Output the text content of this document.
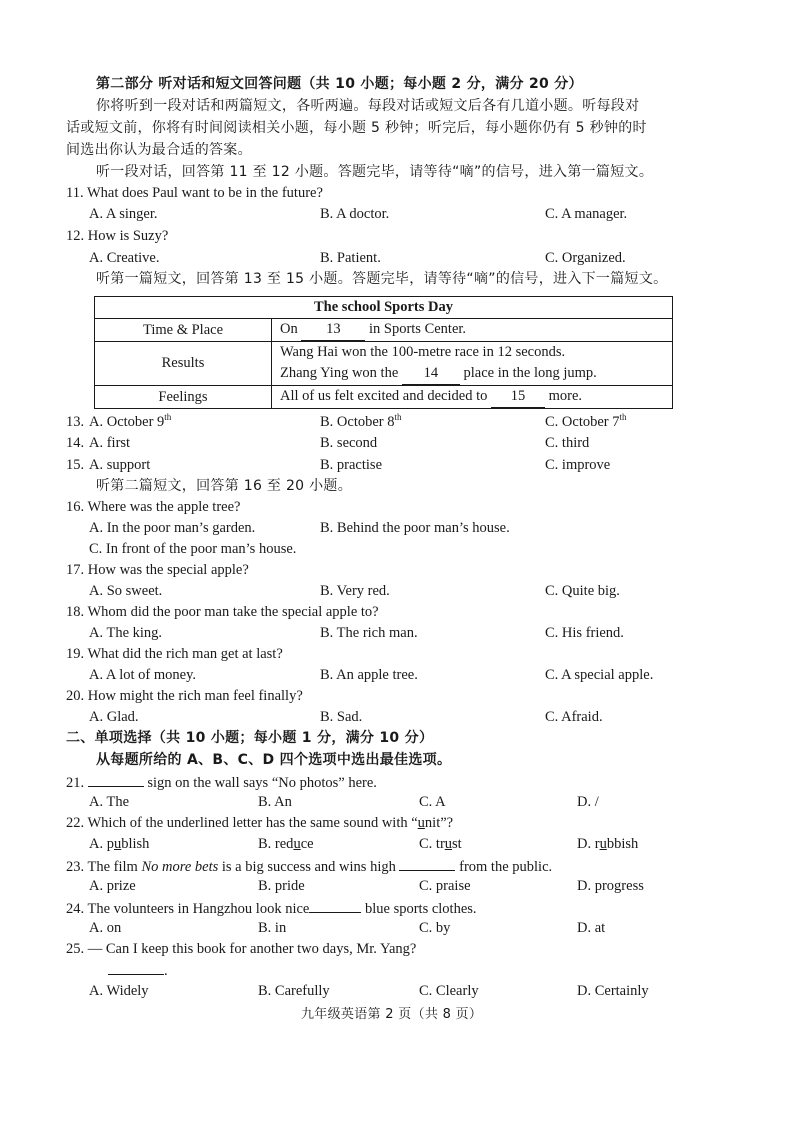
第二部分 听对话和短文回答问题（共 10 小题；每小题 2 分，满分 20 分）
你将听到一段对话和两篇短文，各听两遍。每段对话或短文后各有几道小题。听每段对
话或短文前，你将有时间阅读相关小题，每小题 5 秒钟；听完后，每小题你仍有 5 秒钟的时
间选出你认为最合适的答案。
听一段对话，回答第 11 至 12 小题。答题完毕，请等待“嘀”的信号，进入第一篇短文。
11. What does Paul want to be in the future?
A. A singer.	B. A doctor.	C. A manager.
12. How is Suzy?
A. Creative.	B. Patient.	C. Organized.
听第一篇短文，回答第 13 至 15 小题。答题完毕，请等待“嘀”的信号，进入下一篇短文。
The school Sports Day	
Time & Place	On 13 in Sports Center.
Results	Wang Hai won the 100-metre race in 12 seconds.
Zhang Ying won the 14 place in the long jump.

Feelings	All of us felt excited and decided to 15 more.
13. A. October 9th	B. October 8th	C. October 7th
14. A. first	B. second	C. third
15. A. support	B. practise	C. improve
听第二篇短文，回答第 16 至 20 小题。
16. Where was the apple tree?
A. In the poor man’s garden.	B. Behind the poor man’s house.
C. In front of the poor man’s house.
17. How was the special apple?
A. So sweet.	B. Very red.	C. Quite big.
18. Whom did the poor man take the special apple to?
A. The king.	B. The rich man.	C. His friend.
19. What did the rich man get at last?
A. A lot of money.	B. An apple tree.	C. A special apple.
20. How might the rich man feel finally?
A. Glad.	B. Sad.	C. Afraid.
二、单项选择（共 10 小题；每小题 1 分，满分 10 分）
从每题所给的 A、B、C、D 四个选项中选出最佳选项。
21.	sign on the wall says “No photos” here.
A. The	B. An	C. A	D. /
22. Which of the underlined letter has the same sound with “unit”?
A. publish	B. reduce	C. trust	D. rubbish
23. The film No more bets is a big success and wins high	from the public.
A. prize	B. pride	C. praise	D. progress
24. The volunteers in Hangzhou look nice	blue sports clothes.
A. on	B. in	C. by	D. at
25. — Can I keep this book for another two days, Mr. Yang?
.
A. Widely	B. Carefully	C. Clearly	D. Certainly
九年级英语第 2 页（共 8 页）
